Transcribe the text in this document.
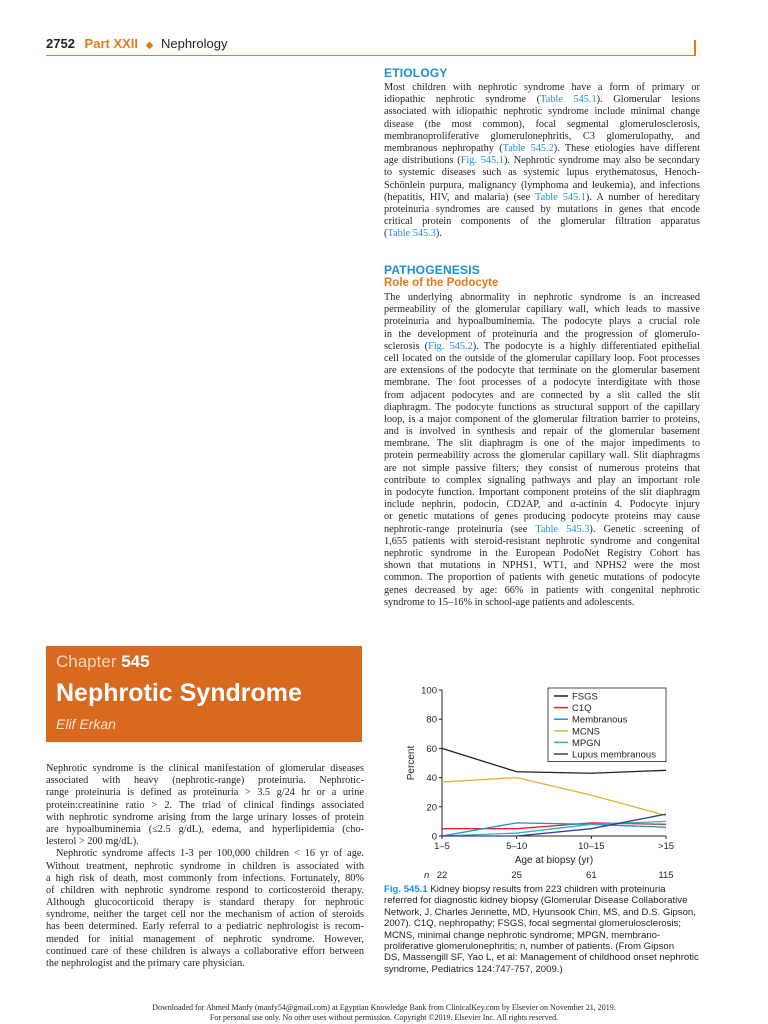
2752 Part XXII ◆ Nephrology
ETIOLOGY
Most children with nephrotic syndrome have a form of primary or
idiopathic nephrotic syndrome (Table 545.1). Glomerular lesions
associated with idiopathic nephrotic syndrome include minimal change
disease (the most common), focal segmental glomerulosclerosis,
membranoproliferative glomerulonephritis, C3 glomerulopathy, and
membranous nephropathy (Table 545.2). These etiologies have different
age distributions (Fig. 545.1). Nephrotic syndrome may also be secondary
to systemic diseases such as systemic lupus erythematosus, Henoch-
Schönlein purpura, malignancy (lymphoma and leukemia), and infections
(hepatitis, HIV, and malaria) (see Table 545.1). A number of hereditary
proteinuria syndromes are caused by mutations in genes that encode
critical protein components of the glomerular filtration apparatus
(Table 545.3).
PATHOGENESIS
Role of the Podocyte
The underlying abnormality in nephrotic syndrome is an increased
permeability of the glomerular capillary wall, which leads to massive
proteinuria and hypoalbuminemia. The podocyte plays a crucial role
in the development of proteinuria and the progression of glomerulo-
sclerosis (Fig. 545.2). The podocyte is a highly differentiated epithelial
cell located on the outside of the glomerular capillary loop. Foot processes
are extensions of the podocyte that terminate on the glomerular basement
membrane. The foot processes of a podocyte interdigitate with those
from adjacent podocytes and are connected by a slit called the slit
diaphragm. The podocyte functions as structural support of the capillary
loop, is a major component of the glomerular filtration barrier to proteins,
and is involved in synthesis and repair of the glomerular basement
membrane. The slit diaphragm is one of the major impediments to
protein permeability across the glomerular capillary wall. Slit diaphragms
are not simple passive filters; they consist of numerous proteins that
contribute to complex signaling pathways and play an important role
in podocyte function. Important component proteins of the slit diaphragm
include nephrin, podocin, CD2AP, and α-actinin 4. Podocyte injury
or genetic mutations of genes producing podocyte proteins may cause
nephrotic-range proteinuria (see Table 545.3). Genetic screening of
1,655 patients with steroid-resistant nephrotic syndrome and congenital
nephrotic syndrome in the European PodoNet Registry Cohort has
shown that mutations in NPHS1, WT1, and NPHS2 were the most
common. The proportion of patients with genetic mutations of podocyte
genes decreased by age: 66% in patients with congenital nephrotic
syndrome to 15–16% in school-age patients and adolescents.
Chapter 545
Nephrotic Syndrome
Elif Erkan
Nephrotic syndrome is the clinical manifestation of glomerular diseases
associated with heavy (nephrotic-range) proteinuria. Nephrotic-
range proteinuria is defined as proteinuria > 3.5 g/24 hr or a urine
protein:creatinine ratio > 2. The triad of clinical findings associated
with nephrotic syndrome arising from the large urinary losses of protein
are hypoalbuminemia (≤2.5 g/dL), edema, and hyperlipidemia (cho-
lesterol > 200 mg/dL).
Nephrotic syndrome affects 1-3 per 100,000 children < 16 yr of age.
Without treatment, nephrotic syndrome in children is associated with
a high risk of death, most commonly from infections. Fortunately, 80%
of children with nephrotic syndrome respond to corticosteroid therapy.
Although glucocorticoid therapy is standard therapy for nephrotic
syndrome, neither the target cell nor the mechanism of action of steroids
has been determined. Early referral to a pediatric nephrologist is recom-
mended for initial management of nephrotic syndrome. However,
continued care of these children is always a collaborative effort between
the nephrologist and the primary care physician.
0
20
40
60
80
100
1–5
22
5–10
25
10–15
61
>15
115
n
Age at biopsy (yr)
Percent
FSGS
C1Q
Membranous
MCNS
MPGN
Lupus membranous
Fig. 545.1 Kidney biopsy results from 223 children with proteinuria
referred for diagnostic kidney biopsy (Glomerular Disease Collaborative
Network, J. Charles Jennette, MD, Hyunsook Chin, MS, and D.S. Gipson,
2007). C1Q, nephropathy; FSGS, focal segmental glomerulosclerosis;
MCNS, minimal change nephrotic syndrome; MPGN, membrano-
proliferative glomerulonephritis; n, number of patients. (From Gipson
DS, Massengill SF, Yao L, et al: Management of childhood onset nephrotic
syndrome, Pediatrics 124:747-757, 2009.)
Downloaded for Ahmed Manfy (manfy54@gmail.com) at Egyptian Knowledge Bank from ClinicalKey.com by Elsevier on November 21, 2019.
For personal use only. No other uses without permission. Copyright ©2019. Elsevier Inc. All rights reserved.
